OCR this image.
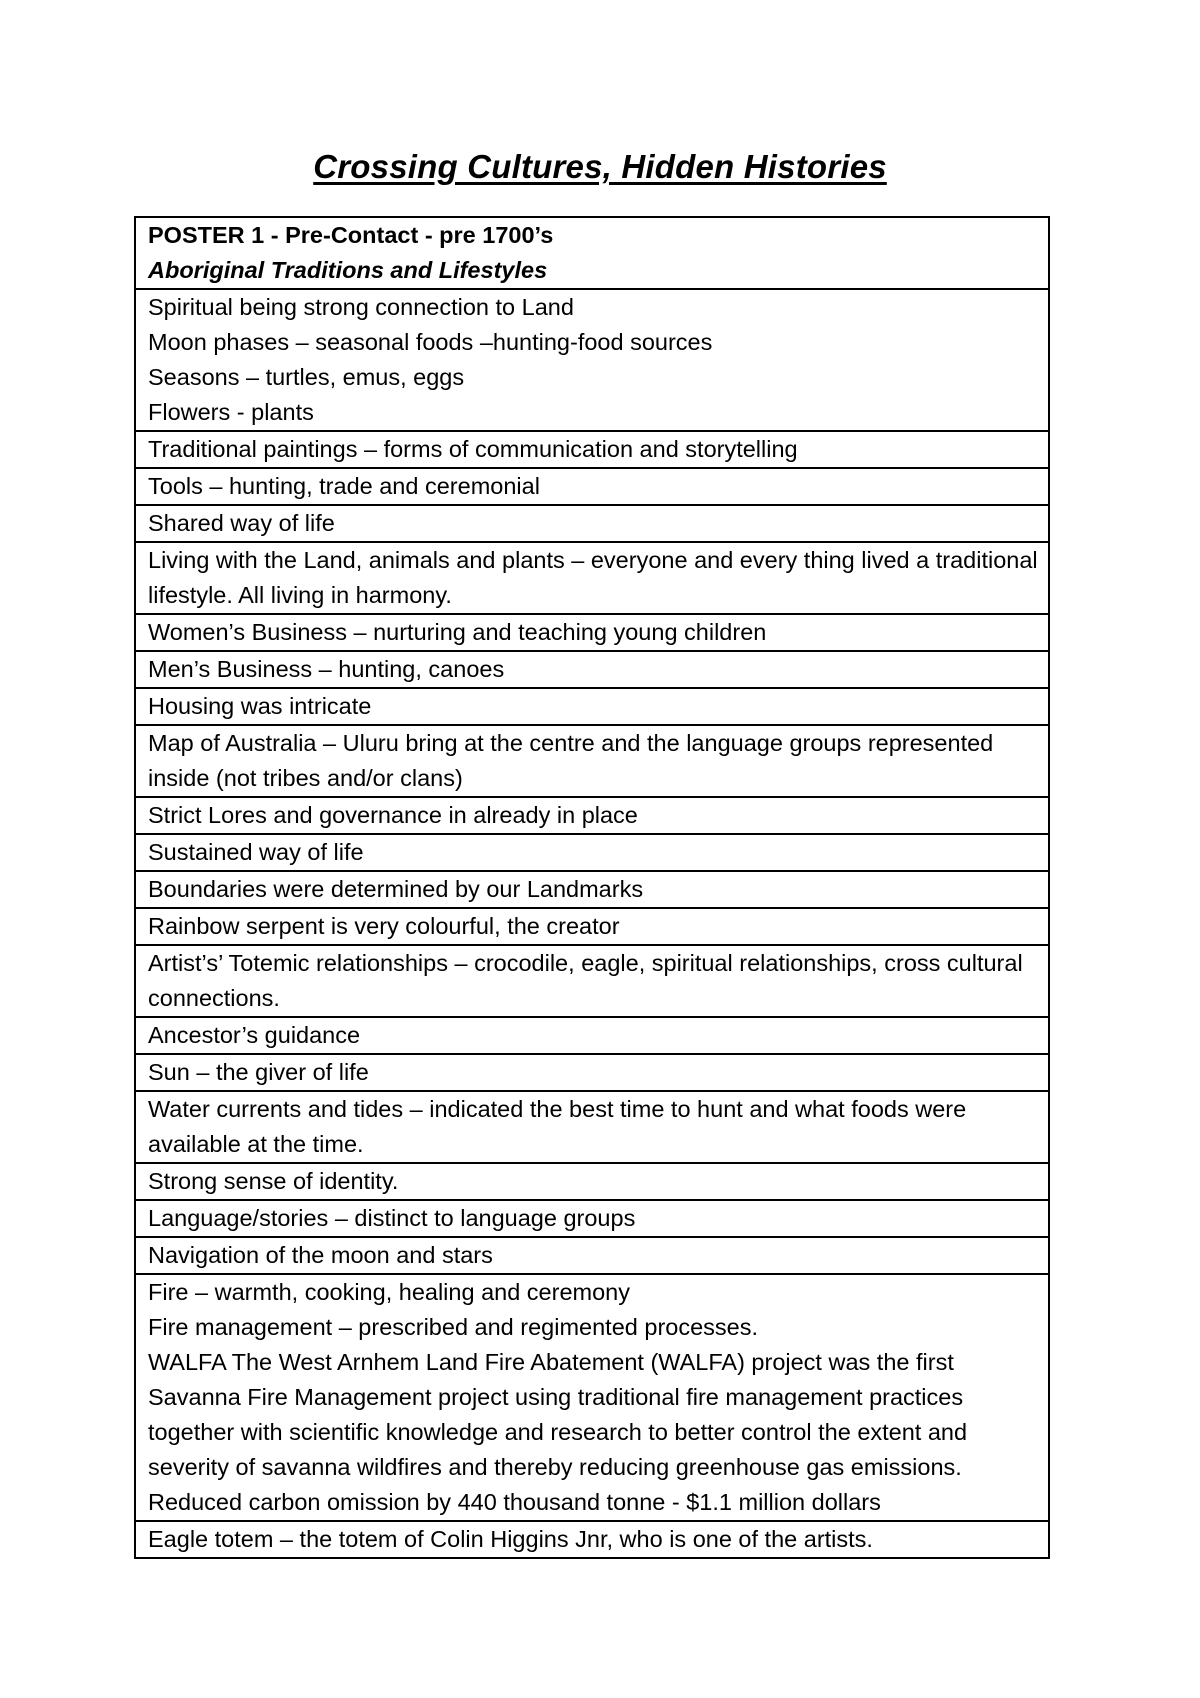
Crossing Cultures, Hidden Histories
POSTER 1 - Pre-Contact - pre 1700’s
Aboriginal Traditions and Lifestyles

Spiritual being strong connection to Land
Moon phases – seasonal foods –hunting-food sources
Seasons – turtles, emus, eggs
Flowers - plants

Traditional paintings – forms of communication and storytelling

Tools – hunting, trade and ceremonial

Shared way of life

Living with the Land, animals and plants – everyone and every thing lived a traditional lifestyle. All living in harmony.

Women’s Business – nurturing and teaching young children

Men’s Business – hunting, canoes

Housing was intricate

Map of Australia – Uluru bring at the centre and the language groups represented inside (not tribes and/or clans)

Strict Lores and governance in already in place

Sustained way of life

Boundaries were determined by our Landmarks

Rainbow serpent is very colourful, the creator

Artist’s’ Totemic relationships – crocodile, eagle, spiritual relationships, cross cultural connections.

Ancestor’s guidance

Sun – the giver of life

Water currents and tides – indicated the best time to hunt and what foods were available at the time.

Strong sense of identity.

Language/stories – distinct to language groups

Navigation of the moon and stars

Fire – warmth, cooking, healing and ceremony
Fire management – prescribed and regimented processes.
WALFA The West Arnhem Land Fire Abatement (WALFA) project was the first Savanna Fire Management project using traditional fire management practices together with scientific knowledge and research to better control the extent and severity of savanna wildfires and thereby reducing greenhouse gas emissions.
Reduced carbon omission by 440 thousand tonne - $1.1 million dollars

Eagle totem – the totem of Colin Higgins Jnr, who is one of the artists.
